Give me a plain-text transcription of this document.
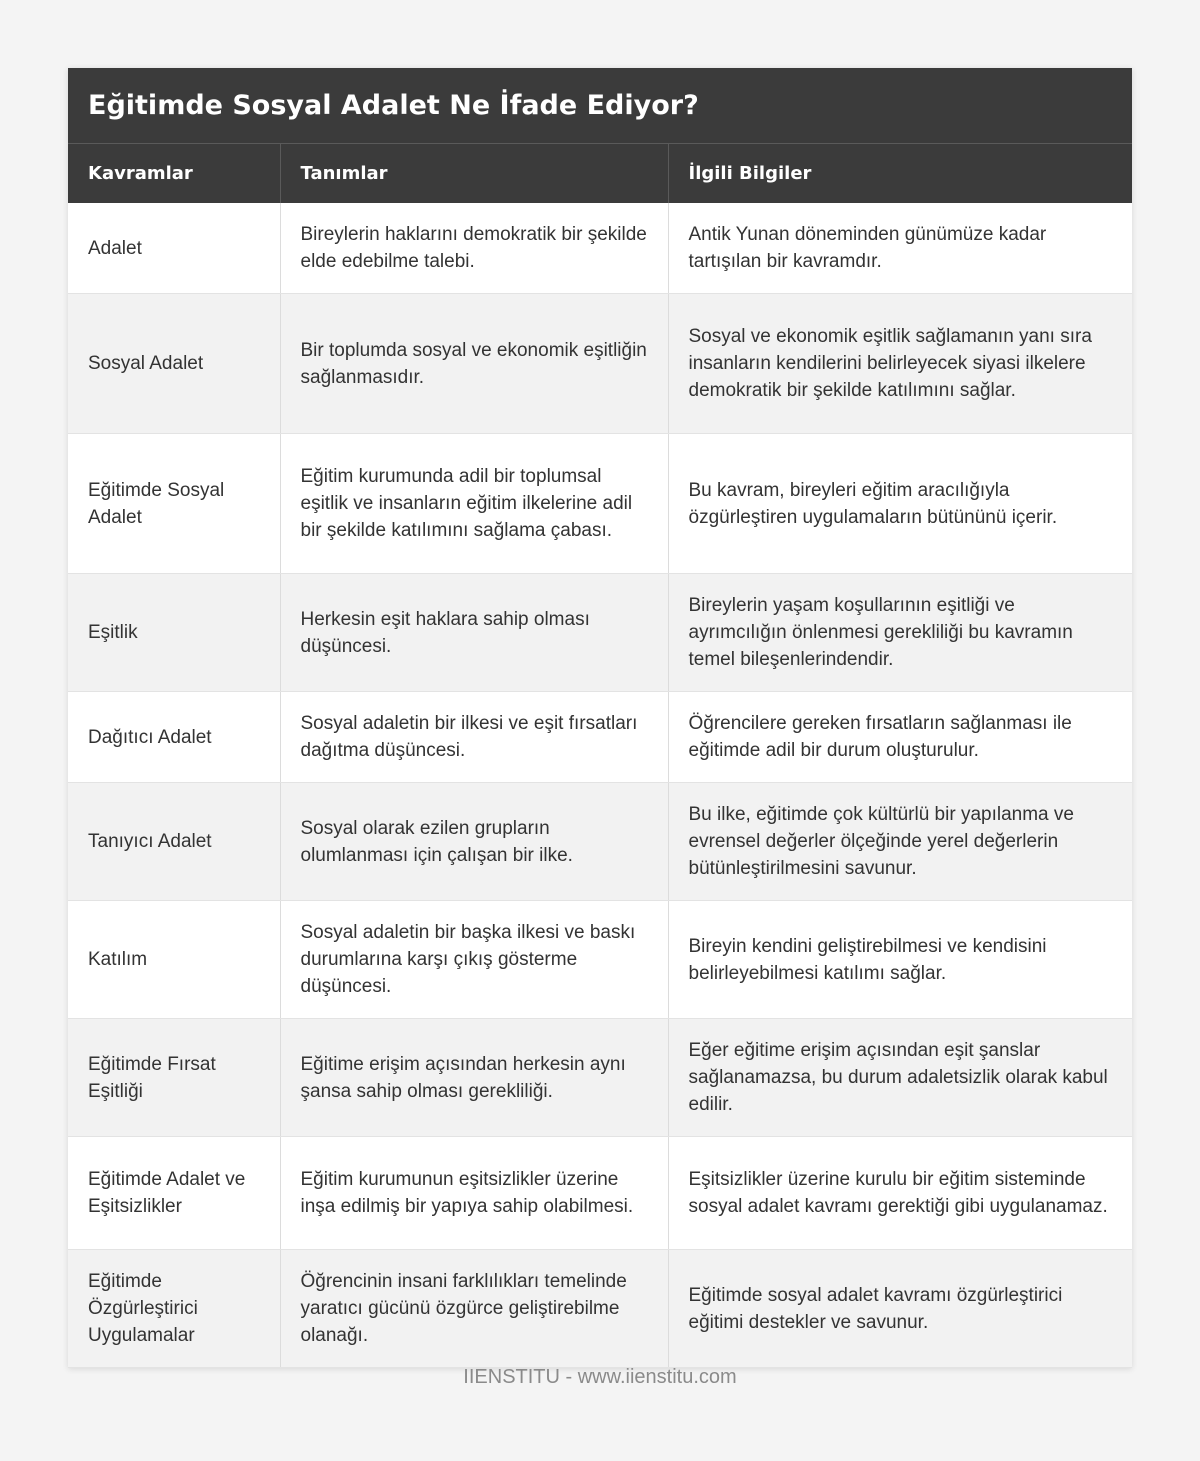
Eğitimde Sosyal Adalet Ne İfade Ediyor?
Kavramlar	Tanımlar	İlgili Bilgiler
Adalet	Bireylerin haklarını demokratik bir şekilde elde edebilme talebi.	Antik Yunan döneminden günümüze kadar tartışılan bir kavramdır.
Sosyal Adalet	Bir toplumda sosyal ve ekonomik eşitliğin sağlanmasıdır.	Sosyal ve ekonomik eşitlik sağlamanın yanı sıra insanların kendilerini belirleyecek siyasi ilkelere demokratik bir şekilde katılımını sağlar.
Eğitimde Sosyal Adalet	Eğitim kurumunda adil bir toplumsal eşitlik ve insanların eğitim ilkelerine adil bir şekilde katılımını sağlama çabası.	Bu kavram, bireyleri eğitim aracılığıyla özgürleştiren uygulamaların bütününü içerir.
Eşitlik	Herkesin eşit haklara sahip olması düşüncesi.	Bireylerin yaşam koşullarının eşitliği ve ayrımcılığın önlenmesi gerekliliği bu kavramın temel bileşenlerindendir.
Dağıtıcı Adalet	Sosyal adaletin bir ilkesi ve eşit fırsatları dağıtma düşüncesi.	Öğrencilere gereken fırsatların sağlanması ile eğitimde adil bir durum oluşturulur.
Tanıyıcı Adalet	Sosyal olarak ezilen grupların olumlanması için çalışan bir ilke.	Bu ilke, eğitimde çok kültürlü bir yapılanma ve evrensel değerler ölçeğinde yerel değerlerin bütünleştirilmesini savunur.
Katılım	Sosyal adaletin bir başka ilkesi ve baskı durumlarına karşı çıkış gösterme düşüncesi.	Bireyin kendini geliştirebilmesi ve kendisini belirleyebilmesi katılımı sağlar.
Eğitimde Fırsat Eşitliği	Eğitime erişim açısından herkesin aynı şansa sahip olması gerekliliği.	Eğer eğitime erişim açısından eşit şanslar sağlanamazsa, bu durum adaletsizlik olarak kabul edilir.
Eğitimde Adalet ve Eşitsizlikler	Eğitim kurumunun eşitsizlikler üzerine inşa edilmiş bir yapıya sahip olabilmesi.	Eşitsizlikler üzerine kurulu bir eğitim sisteminde sosyal adalet kavramı gerektiği gibi uygulanamaz.
Eğitimde Özgürleştirici Uygulamalar	Öğrencinin insani farklılıkları temelinde yaratıcı gücünü özgürce geliştirebilme olanağı.	Eğitimde sosyal adalet kavramı özgürleştirici eğitimi destekler ve savunur.
IIENSTITU - www.iienstitu.com
